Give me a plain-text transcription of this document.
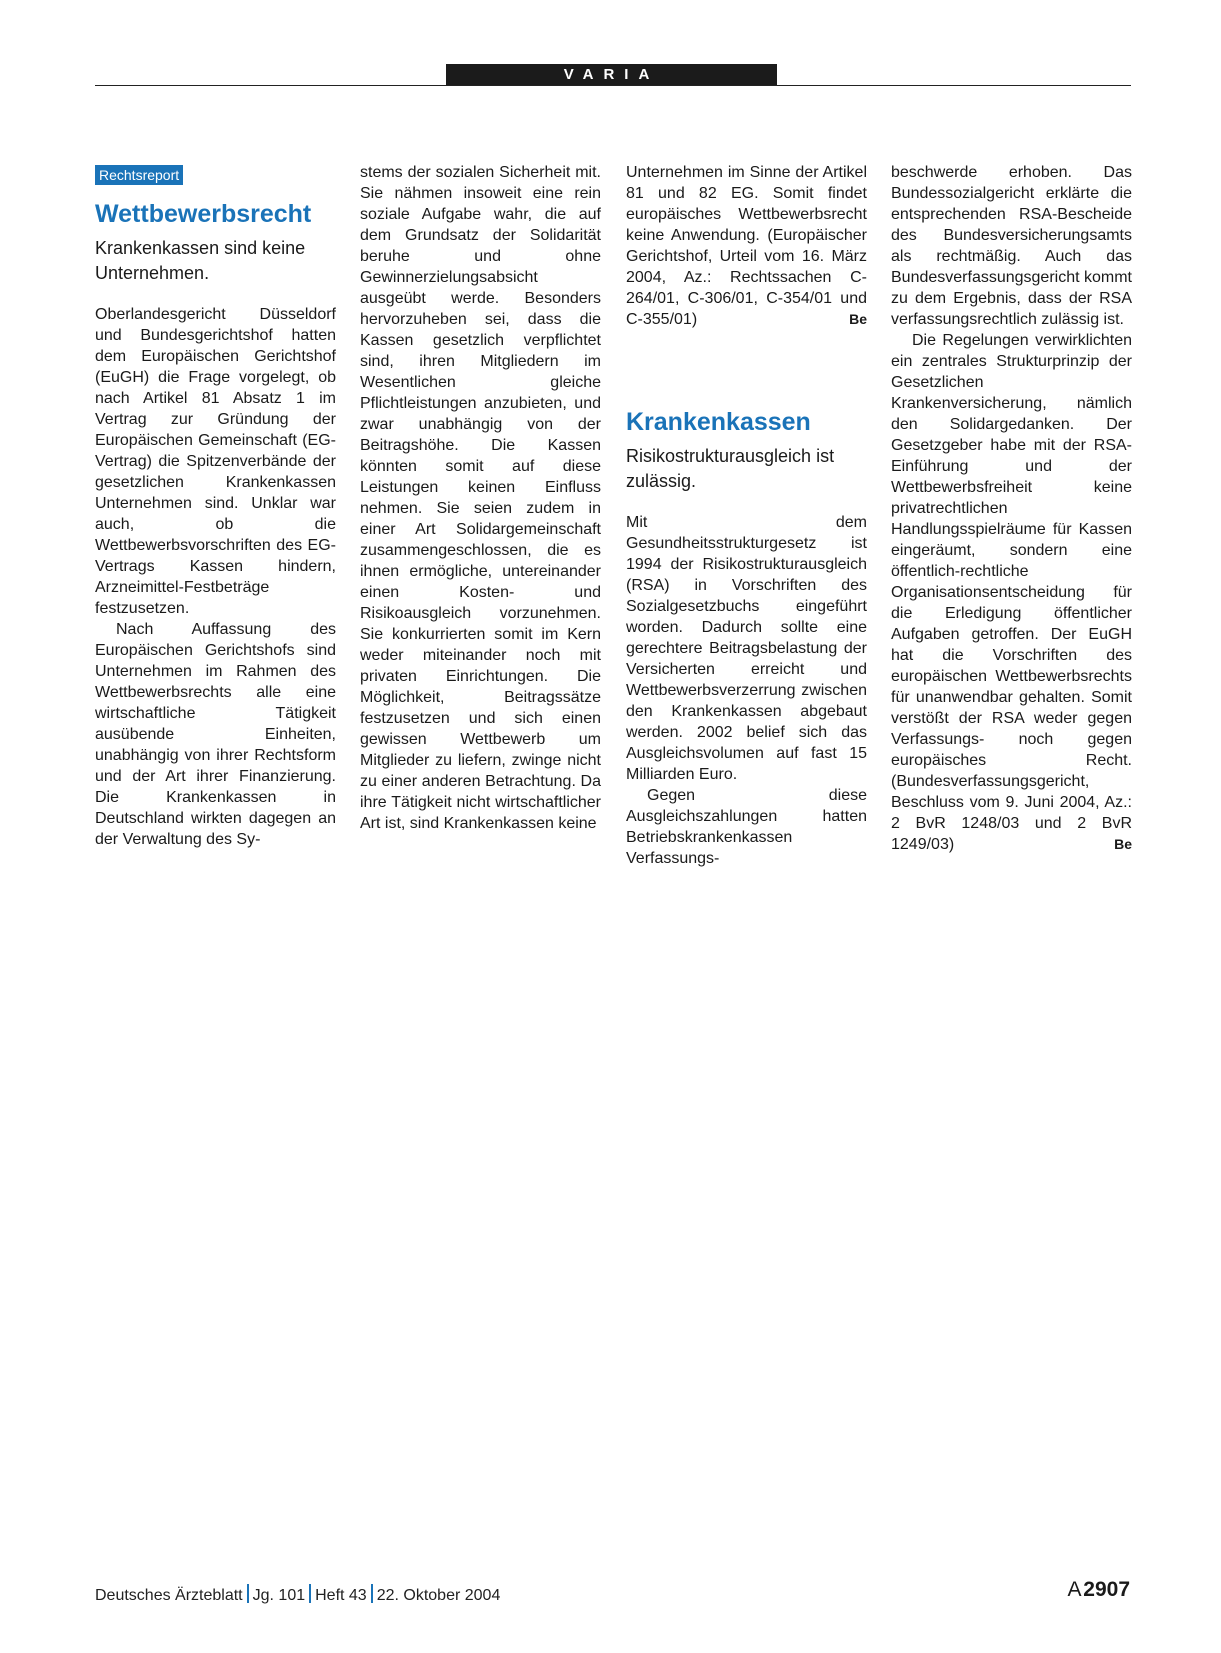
VARIA
Rechtsreport
Wettbewerbsrecht
Krankenkassen sind keine Unternehmen.

Oberlandesgericht Düsseldorf und Bundesgerichtshof hatten dem Europäischen Gerichtshof (EuGH) die Frage vorgelegt, ob nach Artikel 81 Absatz 1 im Vertrag zur Gründung der Europäischen Gemeinschaft (EG-Vertrag) die Spitzenverbände der gesetzlichen Krankenkassen Unternehmen sind. Unklar war auch, ob die Wettbewerbsvorschriften des EG-Vertrags Kassen hindern, Arzneimittel-Festbeträge festzusetzen.

Nach Auffassung des Europäischen Gerichtshofs sind Unternehmen im Rahmen des Wettbewerbsrechts alle eine wirtschaftliche Tätigkeit ausübende Einheiten, unabhängig von ihrer Rechtsform und der Art ihrer Finanzierung. Die Krankenkassen in Deutschland wirkten dagegen an der Verwaltung des Sy-

stems der sozialen Sicherheit mit. Sie nähmen insoweit eine rein soziale Aufgabe wahr, die auf dem Grundsatz der Solidarität beruhe und ohne Gewinnerzielungsabsicht ausgeübt werde. Besonders hervorzuheben sei, dass die Kassen gesetzlich verpflichtet sind, ihren Mitgliedern im Wesentlichen gleiche Pflichtleistungen anzubieten, und zwar unabhängig von der Beitragshöhe. Die Kassen könnten somit auf diese Leistungen keinen Einfluss nehmen. Sie seien zudem in einer Art Solidargemeinschaft zusammengeschlossen, die es ihnen ermögliche, untereinander einen Kosten- und Risikoausgleich vorzunehmen. Sie konkurrierten somit im Kern weder miteinander noch mit privaten Einrichtungen. Die Möglichkeit, Beitragssätze festzusetzen und sich einen gewissen Wettbewerb um Mitglieder zu liefern, zwinge nicht zu einer anderen Betrachtung. Da ihre Tätigkeit nicht wirtschaftlicher Art ist, sind Krankenkassen keine

Unternehmen im Sinne der Artikel 81 und 82 EG. Somit findet europäisches Wettbewerbsrecht keine Anwendung. (Europäischer Gerichtshof, Urteil vom 16. März 2004, Az.: Rechtssachen C-264/01, C-306/01, C-354/01 und C-355/01)	Be

Krankenkassen
Risikostrukturausgleich ist zulässig.

Mit dem Gesundheitsstrukturgesetz ist 1994 der Risikostrukturausgleich (RSA) in Vorschriften des Sozialgesetzbuchs eingeführt worden. Dadurch sollte eine gerechtere Beitragsbelastung der Versicherten erreicht und Wettbewerbsverzerrung zwischen den Krankenkassen abgebaut werden. 2002 belief sich das Ausgleichsvolumen auf fast 15 Milliarden Euro.

Gegen diese Ausgleichszahlungen hatten Betriebskrankenkassen Verfassungs-

beschwerde erhoben. Das Bundessozialgericht erklärte die entsprechenden RSA-Bescheide des Bundesversicherungsamts als rechtmäßig. Auch das Bundesverfassungsgericht kommt zu dem Ergebnis, dass der RSA verfassungsrechtlich zulässig ist.

Die Regelungen verwirklichten ein zentrales Strukturprinzip der Gesetzlichen Krankenversicherung, nämlich den Solidargedanken. Der Gesetzgeber habe mit der RSA-Einführung und der Wettbewerbsfreiheit keine privatrechtlichen Handlungsspielräume für Kassen eingeräumt, sondern eine öffentlich-rechtliche Organisationsentscheidung für die Erledigung öffentlicher Aufgaben getroffen. Der EuGH hat die Vorschriften des europäischen Wettbewerbsrechts für unanwendbar gehalten. Somit verstößt der RSA weder gegen Verfassungs- noch gegen europäisches Recht. (Bundesverfassungsgericht, Beschluss vom 9. Juni 2004, Az.: 2 BvR 1248/03 und 2 BvR 1249/03)	Be

Deutsches Ärzteblatt Jg. 101 Heft 43 22. Oktober 2004	A 2907
